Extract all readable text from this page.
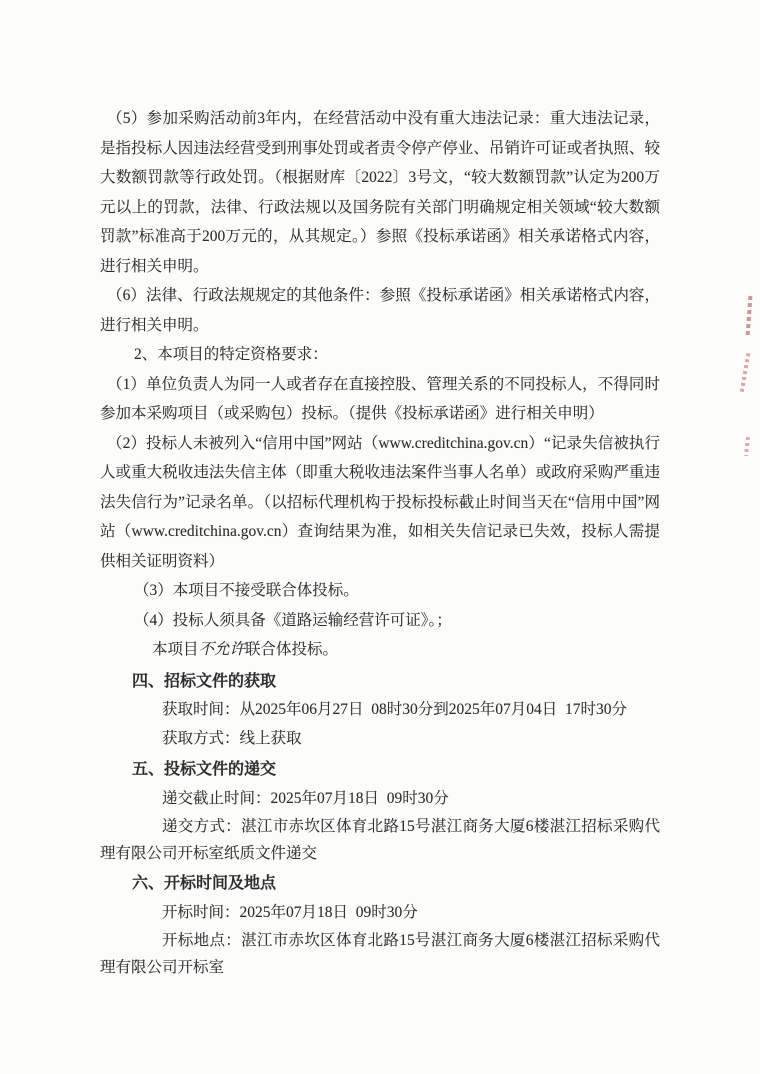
（5）参加采购活动前3年内，在经营活动中没有重大违法记录：重大违法记录，是指投标人因违法经营受到刑事处罚或者责令停产停业、吊销许可证或者执照、较大数额罚款等行政处罚。（根据财库〔2022〕3号文，“较大数额罚款”认定为200万元以上的罚款，法律、行政法规以及国务院有关部门明确规定相关领域“较大数额罚款”标准高于200万元的，从其规定。）参照《投标承诺函》相关承诺格式内容，进行相关申明。

（6）法律、行政法规规定的其他条件：参照《投标承诺函》相关承诺格式内容，进行相关申明。

2、本项目的特定资格要求：

（1）单位负责人为同一人或者存在直接控股、管理关系的不同投标人，不得同时参加本采购项目（或采购包）投标。（提供《投标承诺函》进行相关申明）

（2）投标人未被列入“信用中国”网站（www.creditchina.gov.cn）“记录失信被执行人或重大税收违法失信主体（即重大税收违法案件当事人名单）或政府采购严重违法失信行为”记录名单。（以招标代理机构于投标投标截止时间当天在“信用中国”网站（www.creditchina.gov.cn）查询结果为准，如相关失信记录已失效，投标人需提供相关证明资料）

（3）本项目不接受联合体投标。

（4）投标人须具备《道路运输经营许可证》。；

本项目不允许联合体投标。

四、招标文件的获取

获取时间：从2025年06月27日  08时30分到2025年07月04日  17时30分

获取方式：线上获取

五、投标文件的递交

递交截止时间：2025年07月18日  09时30分

递交方式：湛江市赤坎区体育北路15号湛江商务大厦6楼湛江招标采购代理有限公司开标室纸质文件递交

六、开标时间及地点

开标时间：2025年07月18日  09时30分

开标地点：湛江市赤坎区体育北路15号湛江商务大厦6楼湛江招标采购代理有限公司开标室
